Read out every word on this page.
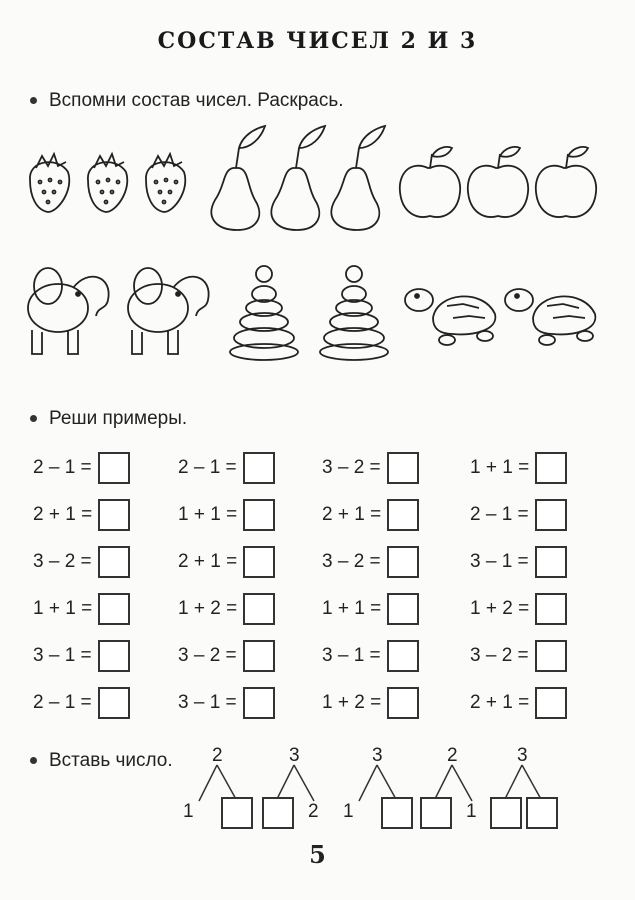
СОСТАВ ЧИСЕЛ 2 И 3
Вспомни состав чисел. Раскрась.
Реши примеры.
2 – 1 =
2 + 1 =
3 – 2 =
1 + 1 =
3 – 1 =
2 – 1 =
2 – 1 =
1 + 1 =
2 + 1 =
1 + 2 =
3 – 2 =
3 – 1 =
3 – 2 =
2 + 1 =
3 – 2 =
1 + 1 =
3 – 1 =
1 + 2 =
1 + 1 =
2 – 1 =
3 – 1 =
1 + 2 =
3 – 2 =
2 + 1 =
Вставь число. 2
1
3
2
3
1
2
1
3
5
